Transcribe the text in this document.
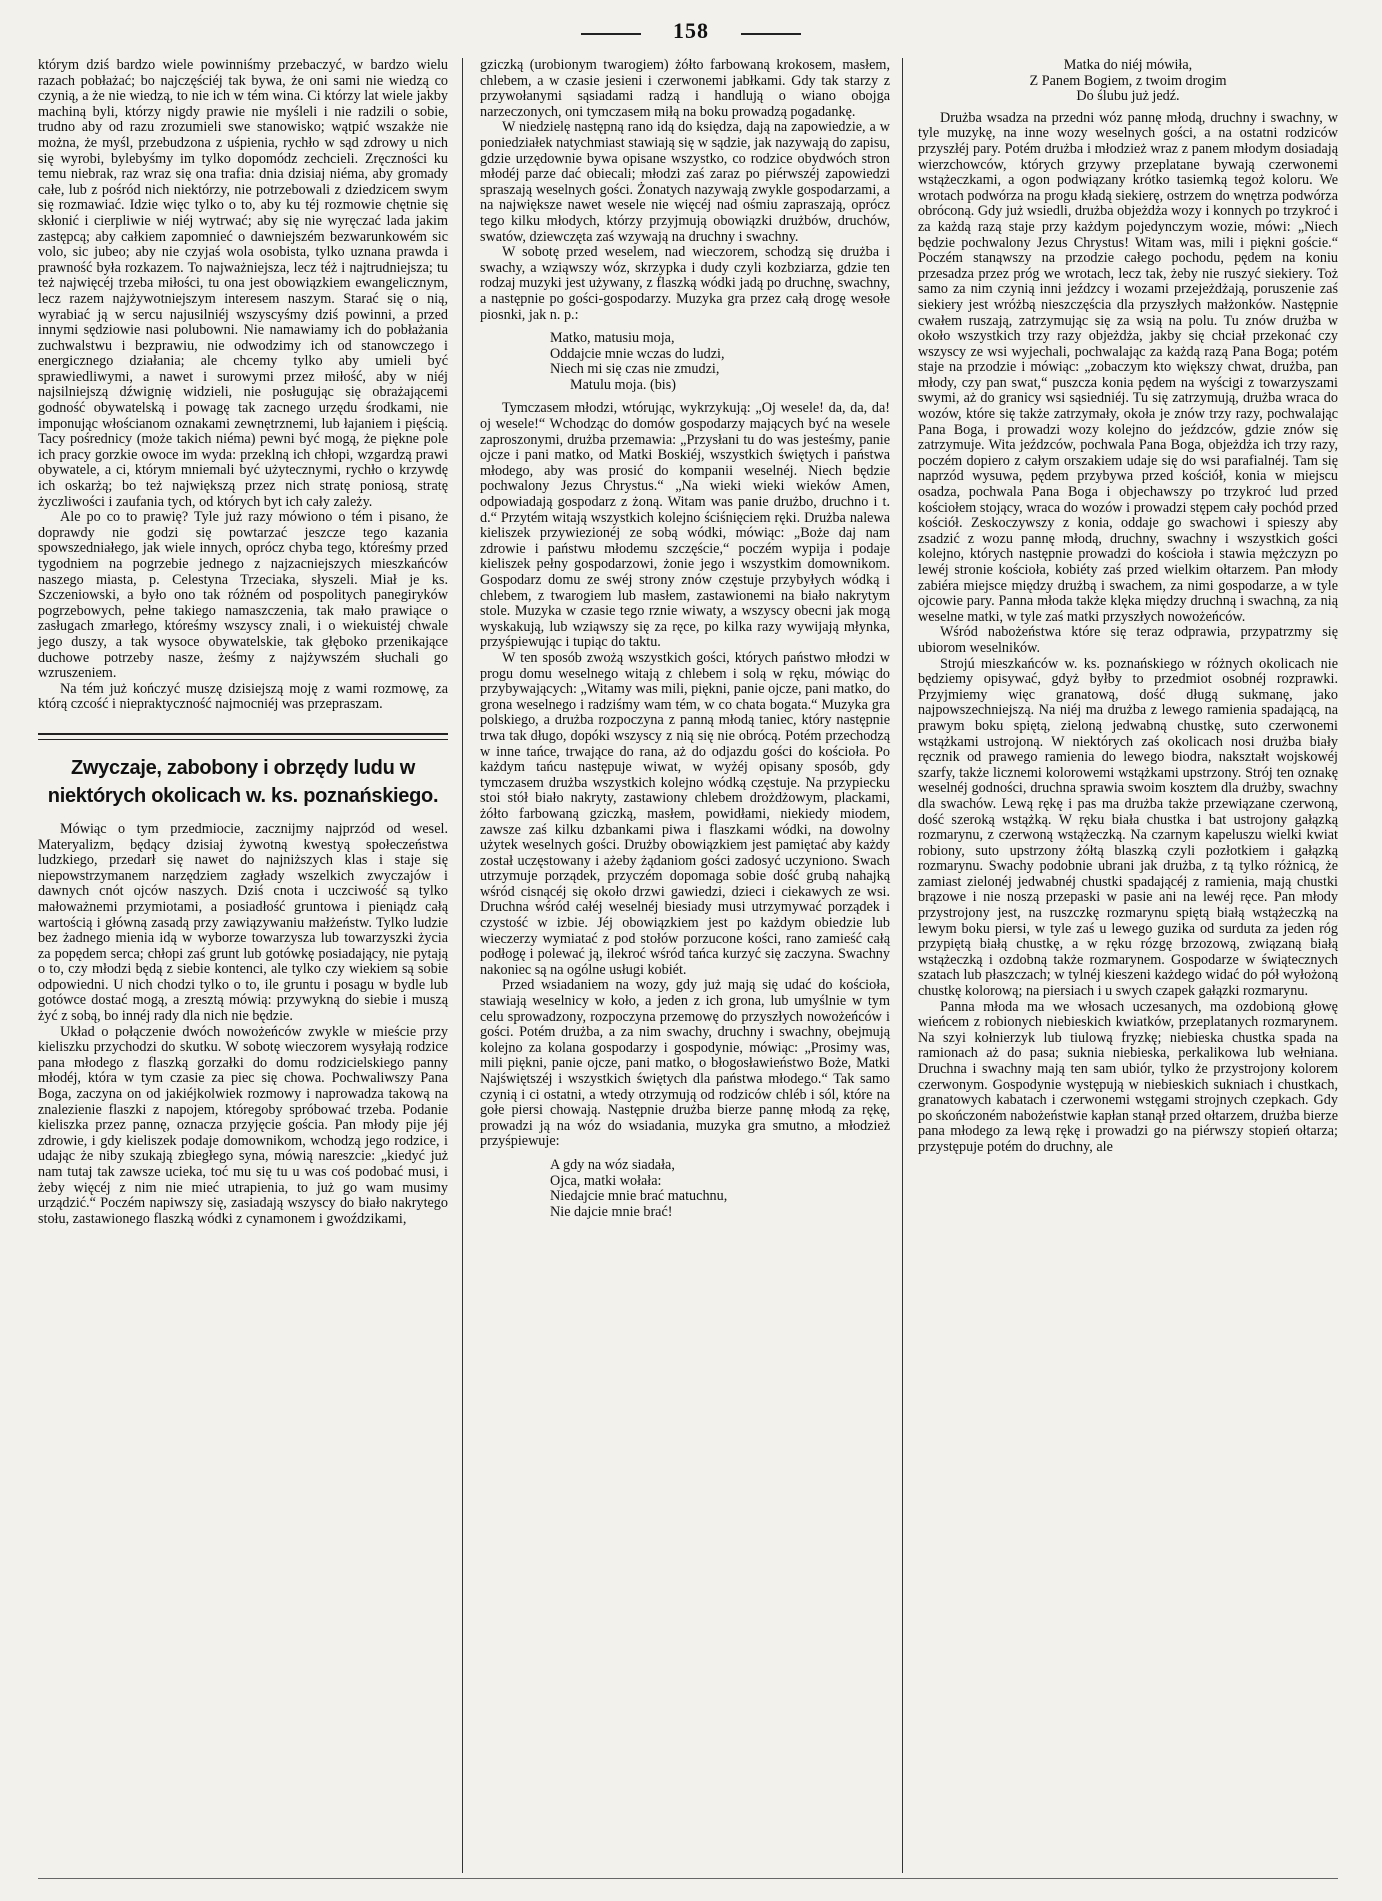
158

którym dziś bardzo wiele powinniśmy przebaczyć, w bardzo wielu razach pobłażać; bo najczęściéj tak bywa, że oni sami nie wiedzą co czynią, a że nie wiedzą, to nie ich w tém wina. Ci którzy lat wiele jakby machiną byli, którzy nigdy prawie nie myśleli i nie radzili o sobie, trudno aby od razu zrozumieli swe stanowisko; wątpić wszakże nie można, że myśl, przebudzona z uśpienia, rychło w sąd zdrowy u nich się wyrobi, bylebyśmy im tylko dopomódz zechcieli. Zręczności ku temu niebrak, raz wraz się ona trafia: dnia dzisiaj niéma, aby gromady całe, lub z pośród nich niektórzy, nie potrzebowali z dziedzicem swym się rozmawiać. Idzie więc tylko o to, aby ku téj rozmowie chętnie się skłonić i cierpliwie w niéj wytrwać; aby się nie wyręczać lada jakim zastępcą; aby całkiem zapomnieć o dawniejszém bezwarunkowém sic volo, sic jubeo; aby nie czyjaś wola osobista, tylko uznana prawda i prawność była rozkazem. To najważniejsza, lecz téż i najtrudniejsza; tu też najwięcéj trzeba miłości, tu ona jest obowiązkiem ewangelicznym, lecz razem najżywotniejszym interesem naszym. Starać się o nią, wyrabiać ją w sercu najusilniéj wszyscyśmy dziś powinni, a przed innymi sędziowie nasi polubowni. Nie namawiamy ich do pobłażania zuchwalstwu i bezprawiu, nie odwodzimy ich od stanowczego i energicznego działania; ale chcemy tylko aby umieli być sprawiedliwymi, a nawet i surowymi przez miłość, aby w niéj najsilniejszą dźwignię widzieli, nie posługując się obrażającemi godność obywatelską i powagę tak zacnego urzędu środkami, nie imponując włościanom oznakami zewnętrznemi, lub łajaniem i pięścią. Tacy pośrednicy (może takich niéma) pewni być mogą, że piękne pole ich pracy gorzkie owoce im wyda: przeklną ich chłopi, wzgardzą prawi obywatele, a ci, którym mniemali być użytecznymi, rychło o krzywdę ich oskarżą; bo też największą przez nich stratę poniosą, stratę życzliwości i zaufania tych, od których byt ich cały zależy.

Ale po co to prawię? Tyle już razy mówiono o tém i pisano, że doprawdy nie godzi się powtarzać jeszcze tego kazania spowszedniałego, jak wiele innych, oprócz chyba tego, któreśmy przed tygodniem na pogrzebie jednego z najzacniejszych mieszkańców naszego miasta, p. Celestyna Trzeciaka, słyszeli. Miał je ks. Szczeniowski, a było ono tak różném od pospolitych panegiryków pogrzebowych, pełne takiego namaszczenia, tak mało prawiące o zasługach zmarłego, któreśmy wszyscy znali, i o wiekuistéj chwale jego duszy, a tak wysoce obywatelskie, tak głęboko przenikające duchowe potrzeby nasze, żeśmy z najżywszém słuchali go wzruszeniem.

Na tém już kończyć muszę dzisiejszą moję z wami rozmowę, za którą czcość i niepraktyczność najmocniéj was przepraszam.

Zwyczaje, zabobony i obrzędy ludu w niektórych okolicach w. ks. poznańskiego.

Mówiąc o tym przedmiocie, zacznijmy najprzód od wesel. Materyalizm, będący dzisiaj żywotną kwestyą społeczeństwa ludzkiego, przedarł się nawet do najniższych klas i staje się niepowstrzymanem narzędziem zagłady wszelkich zwyczajów i dawnych cnót ojców naszych. Dziś cnota i uczciwość są tylko małoważnemi przymiotami, a posiadłość gruntowa i pieniądz całą wartością i główną zasadą przy zawiązywaniu małżeństw. Tylko ludzie bez żadnego mienia idą w wyborze towarzysza lub towarzyszki życia za popędem serca; chłopi zaś grunt lub gotówkę posiadający, nie pytają o to, czy młodzi będą z siebie kontenci, ale tylko czy wiekiem są sobie odpowiedni. U nich chodzi tylko o to, ile gruntu i posagu w bydle lub gotówce dostać mogą, a zresztą mówią: przywykną do siebie i muszą żyć z sobą, bo innéj rady dla nich nie będzie.

Układ o połączenie dwóch nowożeńców zwykle w mieście przy kieliszku przychodzi do skutku. W sobotę wieczorem wysyłają rodzice pana młodego z flaszką gorzałki do domu rodzicielskiego panny młodéj, która w tym czasie za piec się chowa. Pochwaliwszy Pana Boga, zaczyna on od jakiéjkolwiek rozmowy i naprowadza takową na znalezienie flaszki z napojem, któregoby spróbować trzeba. Podanie kieliszka przez pannę, oznacza przyjęcie gościa. Pan młody pije jéj zdrowie, i gdy kieliszek podaje domownikom, wchodzą jego rodzice, i udając że niby szukają zbiegłego syna, mówią nareszcie: „kiedyć już nam tutaj tak zawsze ucieka, toć mu się tu u was coś podobać musi, i żeby więcéj z nim nie mieć utrapienia, to już go wam musimy urządzić.“ Poczém napiwszy się, zasiadają wszyscy do biało nakrytego stołu, zastawionego flaszką wódki z cynamonem i gwoździkami,

gziczką (urobionym twarogiem) żółto farbowaną krokosem, masłem, chlebem, a w czasie jesieni i czerwonemi jabłkami. Gdy tak starzy z przywołanymi sąsiadami radzą i handlują o wiano obojga narzeczonych, oni tymczasem miłą na boku prowadzą pogadankę.

W niedzielę następną rano idą do księdza, dają na zapowiedzie, a w poniedziałek natychmiast stawiają się w sądzie, jak nazywają do zapisu, gdzie urzędownie bywa opisane wszystko, co rodzice obydwóch stron młodéj parze dać obiecali; młodzi zaś zaraz po piérwszéj zapowiedzi spraszają weselnych gości. Żonatych nazywają zwykle gospodarzami, a na największe nawet wesele nie więcéj nad ośmiu zapraszają, oprócz tego kilku młodych, którzy przyjmują obowiązki drużbów, druchów, swatów, dziewczęta zaś wzywają na druchny i swachny.

W sobotę przed weselem, nad wieczorem, schodzą się drużba i swachy, a wziąwszy wóz, skrzypka i dudy czyli kozbziarza, gdzie ten rodzaj muzyki jest używany, z flaszką wódki jadą po druchnę, swachny, a następnie po gości-gospodarzy. Muzyka gra przez całą drogę wesołe piosnki, jak n. p.:

Matko, matusiu moja,
Oddajcie mnie wczas do ludzi,
Niech mi się czas nie zmudzi,
Matulu moja. (bis)

Tymczasem młodzi, wtórując, wykrzykują: „Oj wesele! da, da, da! oj wesele!“ Wchodząc do domów gospodarzy mających być na wesele zaproszonymi, drużba przemawia: „Przysłani tu do was jesteśmy, panie ojcze i pani matko, od Matki Boskiéj, wszystkich świętych i państwa młodego, aby was prosić do kompanii weselnéj. Niech będzie pochwalony Jezus Chrystus.“ „Na wieki wieki wieków Amen, odpowiadają gospodarz z żoną. Witam was panie drużbo, druchno i t. d.“ Przytém witają wszystkich kolejno ściśnięciem ręki. Drużba nalewa kieliszek przywiezionéj ze sobą wódki, mówiąc: „Boże daj nam zdrowie i państwu młodemu szczęście,“ poczém wypija i podaje kieliszek pełny gospodarzowi, żonie jego i wszystkim domownikom. Gospodarz domu ze swéj strony znów częstuje przybyłych wódką i chlebem, z twarogiem lub masłem, zastawionemi na biało nakrytym stole. Muzyka w czasie tego rznie wiwaty, a wszyscy obecni jak mogą wyskakują, lub wziąwszy się za ręce, po kilka razy wywijają młynka, przyśpiewując i tupiąc do taktu.

W ten sposób zwożą wszystkich gości, których państwo młodzi w progu domu weselnego witają z chlebem i solą w ręku, mówiąc do przybywających: „Witamy was mili, piękni, panie ojcze, pani matko, do grona weselnego i radziśmy wam tém, w co chata bogata.“ Muzyka gra polskiego, a drużba rozpoczyna z panną młodą taniec, który następnie trwa tak długo, dopóki wszyscy z nią się nie obrócą. Potém przechodzą w inne tańce, trwające do rana, aż do odjazdu gości do kościoła. Po każdym tańcu następuje wiwat, w wyżéj opisany sposób, gdy tymczasem drużba wszystkich kolejno wódką częstuje. Na przypiecku stoi stół biało nakryty, zastawiony chlebem drożdżowym, plackami, żółto farbowaną gziczką, masłem, powidłami, niekiedy miodem, zawsze zaś kilku dzbankami piwa i flaszkami wódki, na dowolny użytek weselnych gości. Drużby obowiązkiem jest pamiętać aby każdy został uczęstowany i ażeby żądaniom gości zadosyć uczyniono. Swach utrzymuje porządek, przyczém dopomaga sobie dość grubą nahajką wśród cisnącéj się około drzwi gawiedzi, dzieci i ciekawych ze wsi. Druchna wśród całéj weselnéj biesiady musi utrzymywać porządek i czystość w izbie. Jéj obowiązkiem jest po każdym obiedzie lub wieczerzy wymiatać z pod stołów porzucone kości, rano zamieść całą podłogę i polewać ją, ilekroć wśród tańca kurzyć się zaczyna. Swachny nakoniec są na ogólne usługi kobiét.

Przed wsiadaniem na wozy, gdy już mają się udać do kościoła, stawiają weselnicy w koło, a jeden z ich grona, lub umyślnie w tym celu sprowadzony, rozpoczyna przemowę do przyszłych nowożeńców i gości. Potém drużba, a za nim swachy, druchny i swachny, obejmują kolejno za kolana gospodarzy i gospodynie, mówiąc: „Prosimy was, mili piękni, panie ojcze, pani matko, o błogosławieństwo Boże, Matki Najświętszéj i wszystkich świętych dla państwa młodego.“ Tak samo czynią i ci ostatni, a wtedy otrzymują od rodziców chléb i sól, które na gołe piersi chowają. Następnie drużba bierze pannę młodą za rękę, prowadzi ją na wóz do wsiadania, muzyka gra smutno, a młodzież przyśpiewuje:

A gdy na wóz siadała,
Ojca, matki wołała:
Niedajcie mnie brać matuchnu,
Nie dajcie mnie brać!
Matka do niéj mówiła,
Z Panem Bogiem, z twoim drogim
Do ślubu już jedź.

Drużba wsadza na przedni wóz pannę młodą, druchny i swachny, w tyle muzykę, na inne wozy weselnych gości, a na ostatni rodziców przyszłéj pary. Potém drużba i młodzież wraz z panem młodym dosiadają wierzchowców, których grzywy przeplatane bywają czerwonemi wstążeczkami, a ogon podwiązany krótko tasiemką tegoż koloru. We wrotach podwórza na progu kładą siekierę, ostrzem do wnętrza podwórza obróconą. Gdy już wsiedli, drużba objeżdża wozy i konnych po trzykroć i za każdą razą staje przy każdym pojedynczym wozie, mówi: „Niech będzie pochwalony Jezus Chrystus! Witam was, mili i piękni goście.“ Poczém stanąwszy na przodzie całego pochodu, pędem na koniu przesadza przez próg we wrotach, lecz tak, żeby nie ruszyć siekiery. Toż samo za nim czynią inni jeźdzcy i wozami przejeżdżają, poruszenie zaś siekiery jest wróżbą nieszczęścia dla przyszłych małżonków. Następnie cwałem ruszają, zatrzymując się za wsią na polu. Tu znów drużba w około wszystkich trzy razy objeżdża, jakby się chciał przekonać czy wszyscy ze wsi wyjechali, pochwalając za każdą razą Pana Boga; potém staje na przodzie i mówiąc: „zobaczym kto większy chwat, drużba, pan młody, czy pan swat,“ puszcza konia pędem na wyścigi z towarzyszami swymi, aż do granicy wsi sąsiedniéj. Tu się zatrzymują, drużba wraca do wozów, które się także zatrzymały, okoła je znów trzy razy, pochwalając Pana Boga, i prowadzi wozy kolejno do jeźdzców, gdzie znów się zatrzymuje. Wita jeźdzców, pochwala Pana Boga, objeżdża ich trzy razy, poczém dopiero z całym orszakiem udaje się do wsi parafialnéj. Tam się naprzód wysuwa, pędem przybywa przed kościół, konia w miejscu osadza, pochwala Pana Boga i objechawszy po trzykroć lud przed kościołem stojący, wraca do wozów i prowadzi stępem cały pochód przed kościół. Zeskoczywszy z konia, oddaje go swachowi i spieszy aby zsadzić z wozu pannę młodą, druchny, swachny i wszystkich gości kolejno, których następnie prowadzi do kościoła i stawia mężczyzn po lewéj stronie kościoła, kobiéty zaś przed wielkim ołtarzem. Pan młody zabiéra miejsce między drużbą i swachem, za nimi gospodarze, a w tyle ojcowie pary. Panna młoda także klęka między druchną i swachną, za nią weselne matki, w tyle zaś matki przyszłych nowożeńców.

Wśród nabożeństwa które się teraz odprawia, przypatrzmy się ubiorom weselników.

Strojú mieszkańców w. ks. poznańskiego w różnych okolicach nie będziemy opisywać, gdyż byłby to przedmiot osobnéj rozprawki. Przyjmiemy więc granatową, dość długą sukmanę, jako najpowszechniejszą. Na niéj ma drużba z lewego ramienia spadającą, na prawym boku spiętą, zieloną jedwabną chustkę, suto czerwonemi wstążkami ustrojoną. W niektórych zaś okolicach nosi drużba biały ręcznik od prawego ramienia do lewego biodra, nakształt wojskowéj szarfy, także licznemi kolorowemi wstążkami upstrzony. Strój ten oznakę weselnéj godności, druchna sprawia swoim kosztem dla drużby, swachny dla swachów. Lewą rękę i pas ma drużba także przewiązane czerwoną, dość szeroką wstążką. W ręku biała chustka i bat ustrojony gałązką rozmarynu, z czerwoną wstążeczką. Na czarnym kapeluszu wielki kwiat robiony, suto upstrzony żółtą blaszką czyli pozłotkiem i gałązką rozmarynu. Swachy podobnie ubrani jak drużba, z tą tylko różnicą, że zamiast zielonéj jedwabnéj chustki spadającéj z ramienia, mają chustki brązowe i nie noszą przepaski w pasie ani na lewéj ręce. Pan młody przystrojony jest, na ruszczkę rozmarynu spiętą białą wstążeczką na lewym boku piersi, w tyle zaś u lewego guzika od surduta za jeden róg przypiętą białą chustkę, a w ręku rózgę brzozową, związaną białą wstążeczką i ozdobną także rozmarynem. Gospodarze w świątecznych szatach lub płaszczach; w tylnéj kieszeni każdego widać do pół wyłożoną chustkę kolorową; na piersiach i u swych czapek gałązki rozmarynu.

Panna młoda ma we włosach uczesanych, ma ozdobioną głowę wieńcem z robionych niebieskich kwiatków, przeplatanych rozmarynem. Na szyi kołnierzyk lub tiulową fryzkę; niebieska chustka spada na ramionach aż do pasa; suknia niebieska, perkalikowa lub wełniana. Druchna i swachny mają ten sam ubiór, tylko że przystrojony kolorem czerwonym. Gospodynie występują w niebieskich sukniach i chustkach, granatowych kabatach i czerwonemi wstęgami strojnych czepkach. Gdy po skończoném nabożeństwie kapłan stanął przed ołtarzem, drużba bierze pana młodego za lewą rękę i prowadzi go na piérwszy stopień ołtarza; przystępuje potém do druchny, ale
